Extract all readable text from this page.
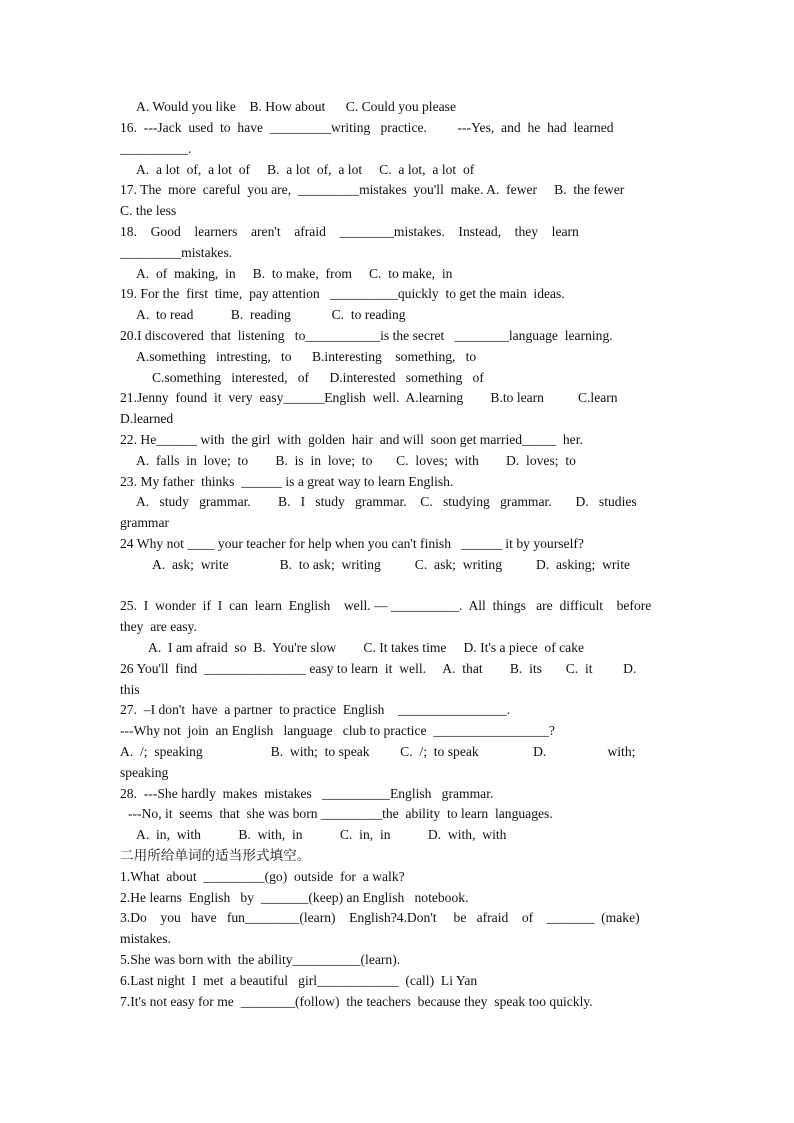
A. Would you like    B. How about      C. Could you please
16.  ---Jack  used  to  have  _________writing   practice.         ---Yes,  and  he  had  learned
__________.
A.  a lot  of,  a lot  of     B.  a lot  of,  a lot     C.  a lot,  a lot  of
17. The  more  careful  you are,  _________mistakes  you'll  make. A.  fewer     B.  the fewer
C. the less
18.    Good    learners    aren't    afraid    ________mistakes.    Instead,    they    learn
_________mistakes.
A.  of  making,  in     B.  to make,  from     C.  to make,  in
19. For the  first  time,  pay attention   __________quickly  to get the main  ideas.
A.  to read           B.  reading            C.  to reading
20.I discovered  that  listening   to___________is the secret   ________language  learning.
A.something   intresting,   to      B.interesting    something,   to
C.something   interested,   of      D.interested   something   of
21.Jenny  found  it  very  easy______English  well.  A.learning        B.to learn          C.learn
D.learned
22. He______ with  the girl  with  golden  hair  and will  soon get married_____  her.
A.  falls  in  love;  to        B.  is  in  love;  to       C.  loves;  with        D.  loves;  to
23. My father  thinks  ______ is a great way to learn English.
A.   study   grammar.        B.   I   study   grammar.    C.   studying   grammar.       D.   studies
grammar
24 Why not ____ your teacher for help when you can't finish   ______ it by yourself?
A.  ask;  write               B.  to ask;  writing          C.  ask;  writing          D.  asking;  write
25.  I  wonder  if  I  can  learn  English    well. — __________.  All  things   are  difficult    before
they  are easy.
A.  I am afraid  so  B.  You're slow        C. It takes time     D. It's a piece  of cake
26 You'll  find  _______________ easy to learn  it  well.     A.  that        B.  its       C.  it         D.
this
27.  –I don't  have  a partner  to practice  English    ________________.
---Why not  join  an English   language   club to practice  _________________?
A.  /;  speaking                    B.  with;  to speak         C.  /;  to speak                D.                  with;
speaking
28.  ---She hardly  makes  mistakes   __________English   grammar.
---No, it  seems  that  she was born _________the  ability  to learn  languages.
A.  in,  with           B.  with,  in           C.  in,  in           D.  with,  with
二用所给单词的适当形式填空。
1.What  about  _________(go)  outside  for  a walk?
2.He learns  English   by  _______(keep) an English   notebook.
3.Do    you   have   fun________(learn)    English?4.Don't     be   afraid    of    _______  (make)
mistakes.
5.She was born with  the ability__________(learn).
6.Last night  I  met  a beautiful   girl____________  (call)  Li Yan
7.It's not easy for me  ________(follow)  the teachers  because they  speak too quickly.
